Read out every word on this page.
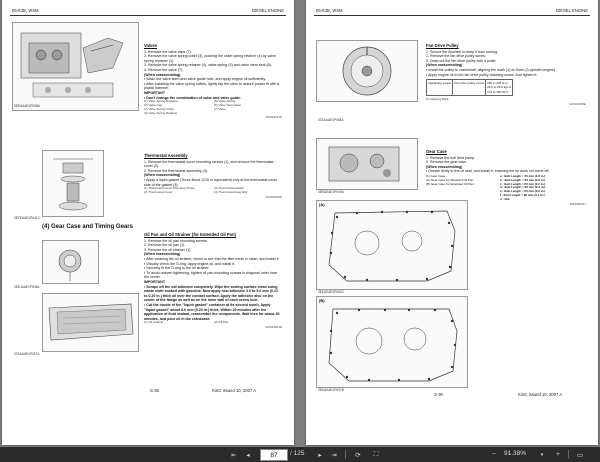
05-E3B, WSM	DIESEL ENGINE
3EEAAAE1P008A
Valves
1. Remove the valve caps (7).
2. Remove the valve spring collet (3), pushing the valve spring retainer (4) by valve spring replacer (1).
3. Remove the valve spring retainer (4), valve spring (5) and valve stem seal (6).
4. Remove the valve (7).
(When reassembling)
▪ Wash the valve stem and valve guide hole, and apply engine oil sufficiently.
▪ After installing the valve spring collets, lightly tap the stem to assure proper fit with a plastic hammer.
IMPORTANT
▪ Don't change the combination of valve and valve guide.
(1) Valve Spring Replacer	(5) Valve Spring
(2) Valve Cap	(6) Valve Stem Seal
(3) Valve Spring Collet	(7) Valve
(4) Valve Spring Retainer
W1021137E
3EFEAAE1P041C
Thermostat Assembly
1. Remove the thermostat cover mounting screws (1), and remove the thermostat cover (2).
2. Remove the thermostat assembly (4).
(When reassembling)
▪ Apply a liquid gasket (Three Bond 1215 or equivalent) only at the thermostat cover side of the gasket (3).
(1) Thermostat Cover Mounting Screw	(3) Thermostat Gasket
(2) Thermostat Cover	(4) Thermostat Assembly
W1022520E
(4) Gear Case and Timing Gears
3EEJAAE1P008A
3TAAAAE1P037A
Oil Pan and Oil Strainer (for Extended Oil Pan)
1. Remove the oil pan mounting screws.
2. Remove the oil pan (1).
3. Remove the oil strainer (1).
(When reassembling)
▪ After cleaning the oil strainer, check to see that the filter mesh in clean, and install it.
▪ Visually check the O-ring, apply engine oil, and install it.
▪ Securely fit the O-ring to the oil strainer.
▪ To avoid uneven tightening, tighten oil pan mounting screws in diagonal order form the center.
IMPORTANT
▪ Scrape off the old adhesive completely. Wipe the sealing surface clean using waste cloth soaked with gasoline. Now apply new adhesive 3.0 to 5.0 mm (0.12 to 0.20 in.) thick all over the contact surface. Apply the adhesive also on the center of the flange as well as on the inner wall of each screw hole.
▪ Cut the nozzle of the "liquid gasket" container at its second notch. Apply "liquid gasket" about 5.0 mm (0.20 in.) thick. Within 20 minutes after the application of fluid sealant, reassemble the components. Wait then for about 30 minutes, and pour oil in the crankcase.
(1) Oil Strainer	(2) Oil Pan
W1023601E
S-35	KiSC issued 10, 2007 A
05-E3B, WSM	DIESEL ENGINE
3TAAAAE1P045A
Fan Drive Pulley
1. Secure the flywheel to keep it from turning.
2. Remove the fan drive pulley screw.
3. Draw out the fan drive pulley with a puller.
(When reassembling)
▪ Install the pulley to crankshaft, aligning the mark (1) on them (3-cylinder engine).
▪ Apply engine oil to the fan drive pulley retaining screw. And tighten it.
Tightening torque	Fan drive pulley screw	236 to 245 N·m
24.0 to 25.0 kgf·m
174 to 180 lbf·ft
(1) Aligning Mark
W1016158E
3EEAEAE1P009A
Gear Case
1. Remove the fuel feed pump.
2. Remove the gear case.
(When reassembling)
▪ Grease thinly to the oil seal, and install it, ensuring the lip does not come off.
(1) Gear Case
(A) Gear Case for Standard Oil Pan
(B) Gear Case for Extended Oil Pan
a : Bolt Length = 45 mm (1.8 in.)
b : Bolt Length = 50 mm (2.0 in.)
c : Bolt Length = 55 mm (2.2 in.)
d : Bolt Length = 60 mm (2.4 in.)
e : Bolt Length = 65 mm (2.6 in.)
f : Bolt Length = 80 mm (3.1 in.)
n : Nut
W1023501?
(A)
3EEAEAE1P052C
(B)
3EEAKAE1P057B
S-36	KiSC issued 10, 2007 A
⇤	◂	87	/ 125	▸	⇥	⟳	⛶	−	91.38%	▾	+	▭
